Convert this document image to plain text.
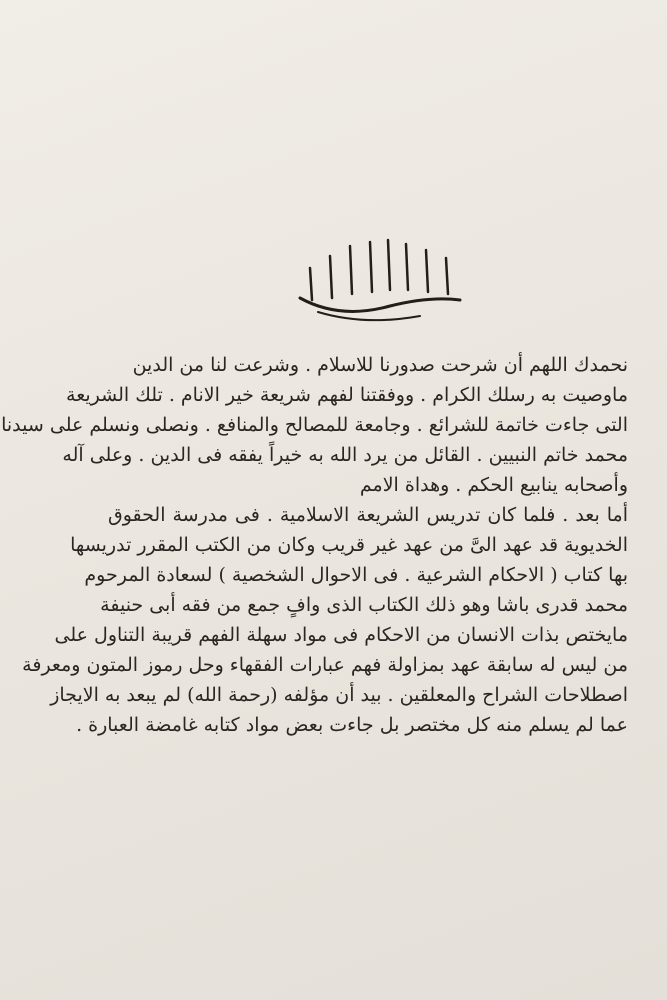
نحمدك اللهم أن شرحت صدورنا للاسلام . وشرعت لنا من الدين
ماوصيت به رسلك الكرام . ووفقتنا لفهم شريعة خير الانام . تلك الشريعة
التى جاءت خاتمة للشرائع . وجامعة للمصالح والمنافع . ونصلى ونسلم على سيدنا
محمد خاتم النبيين . القائل من يرد الله به خيراً يفقه فى الدين . وعلى آله
وأصحابه ينابيع الحكم . وهداة الامم
أما بعد . فلما كان تدريس الشريعة الاسلامية . فى مدرسة الحقوق
الخديوية قد عهد الىَّ من عهد غير قريب وكان من الكتب المقرر تدريسها
بها كتاب ( الاحكام الشرعية . فى الاحوال الشخصية ) لسعادة المرحوم
محمد قدرى باشا وهو ذلك الكتاب الذى وافٍ جمع من فقه أبى حنيفة
مايختص بذات الانسان من الاحكام فى مواد سهلة الفهم قريبة التناول على
من ليس له سابقة عهد بمزاولة فهم عبارات الفقهاء وحل رموز المتون ومعرفة
اصطلاحات الشراح والمعلقين . بيد أن مؤلفه (رحمة الله) لم يبعد به الايجاز
عما لم يسلم منه كل مختصر بل جاءت بعض مواد كتابه غامضة العبارة .
